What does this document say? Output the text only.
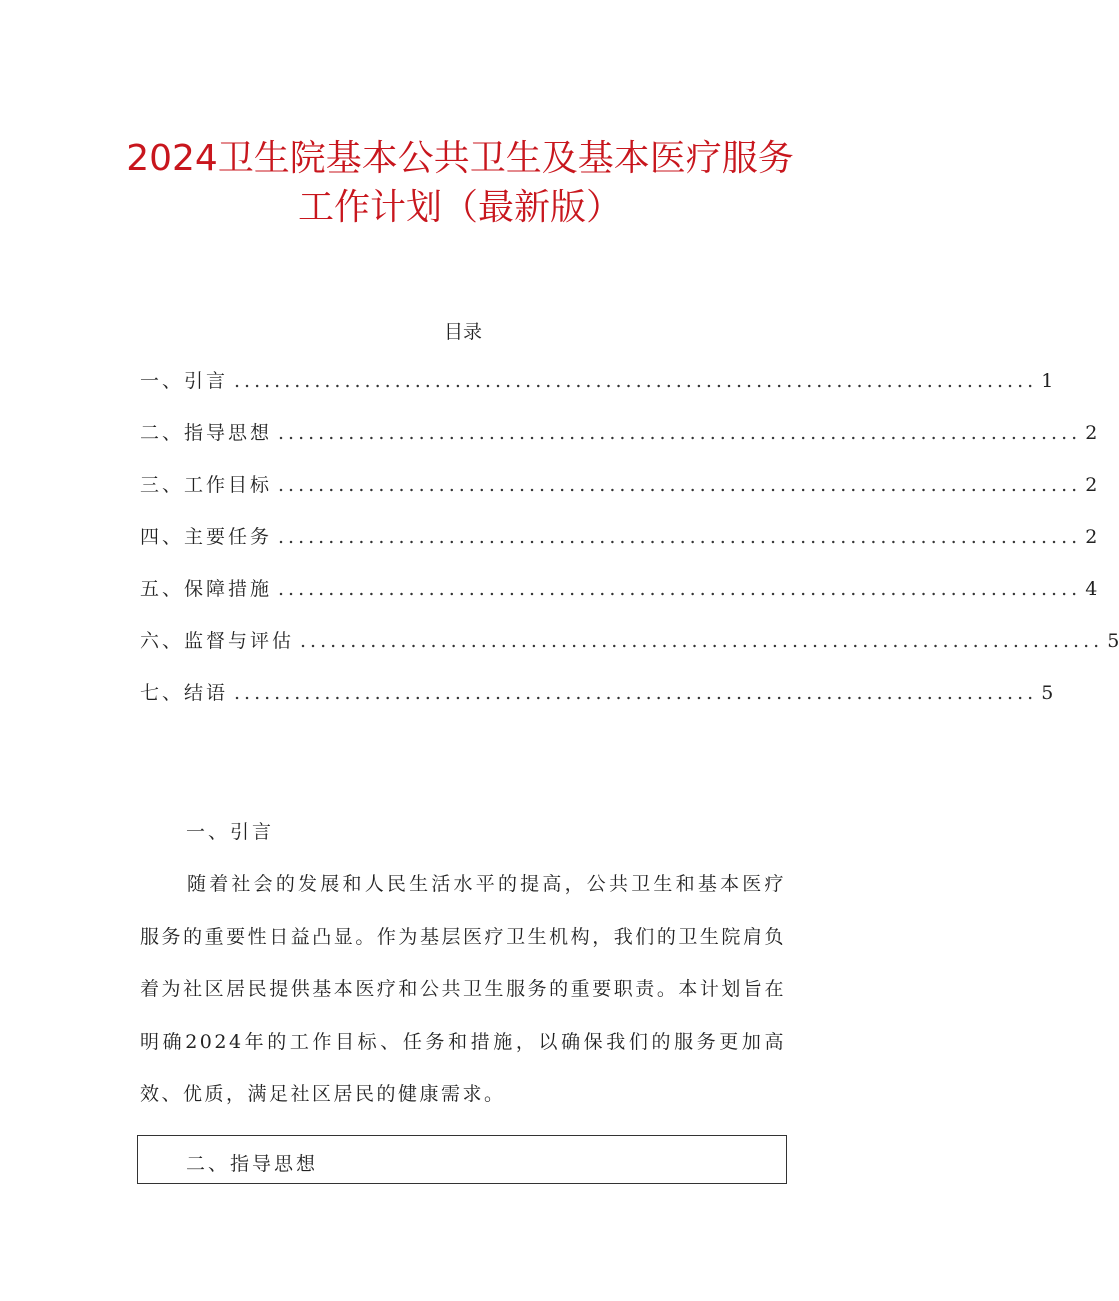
2024卫生院基本公共卫生及基本医疗服务
工作计划（最新版）
目录
一、引言 ................................................................................ 1
二、指导思想 ................................................................................ 2
三、工作目标 ................................................................................ 2
四、主要任务 ................................................................................ 2
五、保障措施 ................................................................................ 4
六、监督与评估 ................................................................................ 5
七、结语 ................................................................................ 5
一、引言
随着社会的发展和人民生活水平的提高，公共卫生和基本医疗服务的重要性日益凸显。作为基层医疗卫生机构，我们的卫生院肩负着为社区居民提供基本医疗和公共卫生服务的重要职责。本计划旨在明确2024年的工作目标、任务和措施，以确保我们的服务更加高效、优质，满足社区居民的健康需求。
二、指导思想
